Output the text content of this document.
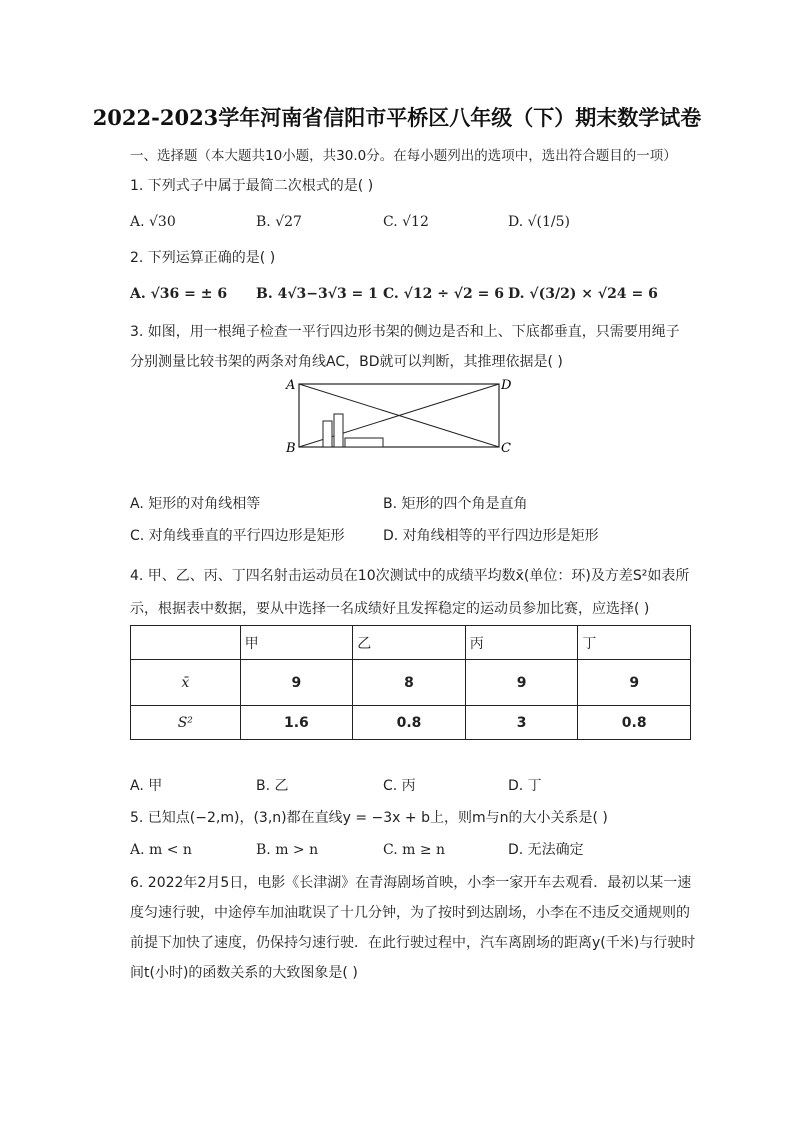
2022-2023学年河南省信阳市平桥区八年级（下）期末数学试卷
一、选择题（本大题共10小题，共30.0分。在每小题列出的选项中，选出符合题目的一项）
1. 下列式子中属于最简二次根式的是( )
A. √30	B. √27	C. √12	D. √(1/5)
2. 下列运算正确的是( )
A. √36 = ± 6 B. 4√3−3√3 = 1 C. √12 ÷ √2 = 6 D. √(3/2) × √24 = 6
3. 如图，用一根绳子检查一平行四边形书架的侧边是否和上、下底都垂直，只需要用绳子
分别测量比较书架的两条对角线AC，BD就可以判断，其推理依据是( )
A
B	C
D
A. 矩形的对角线相等	B. 矩形的四个角是直角
C. 对角线垂直的平行四边形是矩形	D. 对角线相等的平行四边形是矩形
4. 甲、乙、丙、丁四名射击运动员在10次测试中的成绩平均数x̄(单位：环)及方差S²如表所
示，根据表中数据，要从中选择一名成绩好且发挥稳定的运动员参加比赛，应选择( )
	甲	乙	丙	丁
x̄	9	8	9	9
S²	1.6	0.8	3	0.8
A. 甲	B. 乙	C. 丙	D. 丁
5. 已知点(−2,m)，(3,n)都在直线y = −3x + b上，则m与n的大小关系是( )
A. m < n	B. m > n	C. m ≥ n	D. 无法确定
6. 2022年2月5日，电影《长津湖》在青海剧场首映，小李一家开车去观看．最初以某一速
度匀速行驶，中途停车加油耽误了十几分钟，为了按时到达剧场，小李在不违反交通规则的
前提下加快了速度，仍保持匀速行驶．在此行驶过程中，汽车离剧场的距离y(千米)与行驶时
间t(小时)的函数关系的大致图象是( )
